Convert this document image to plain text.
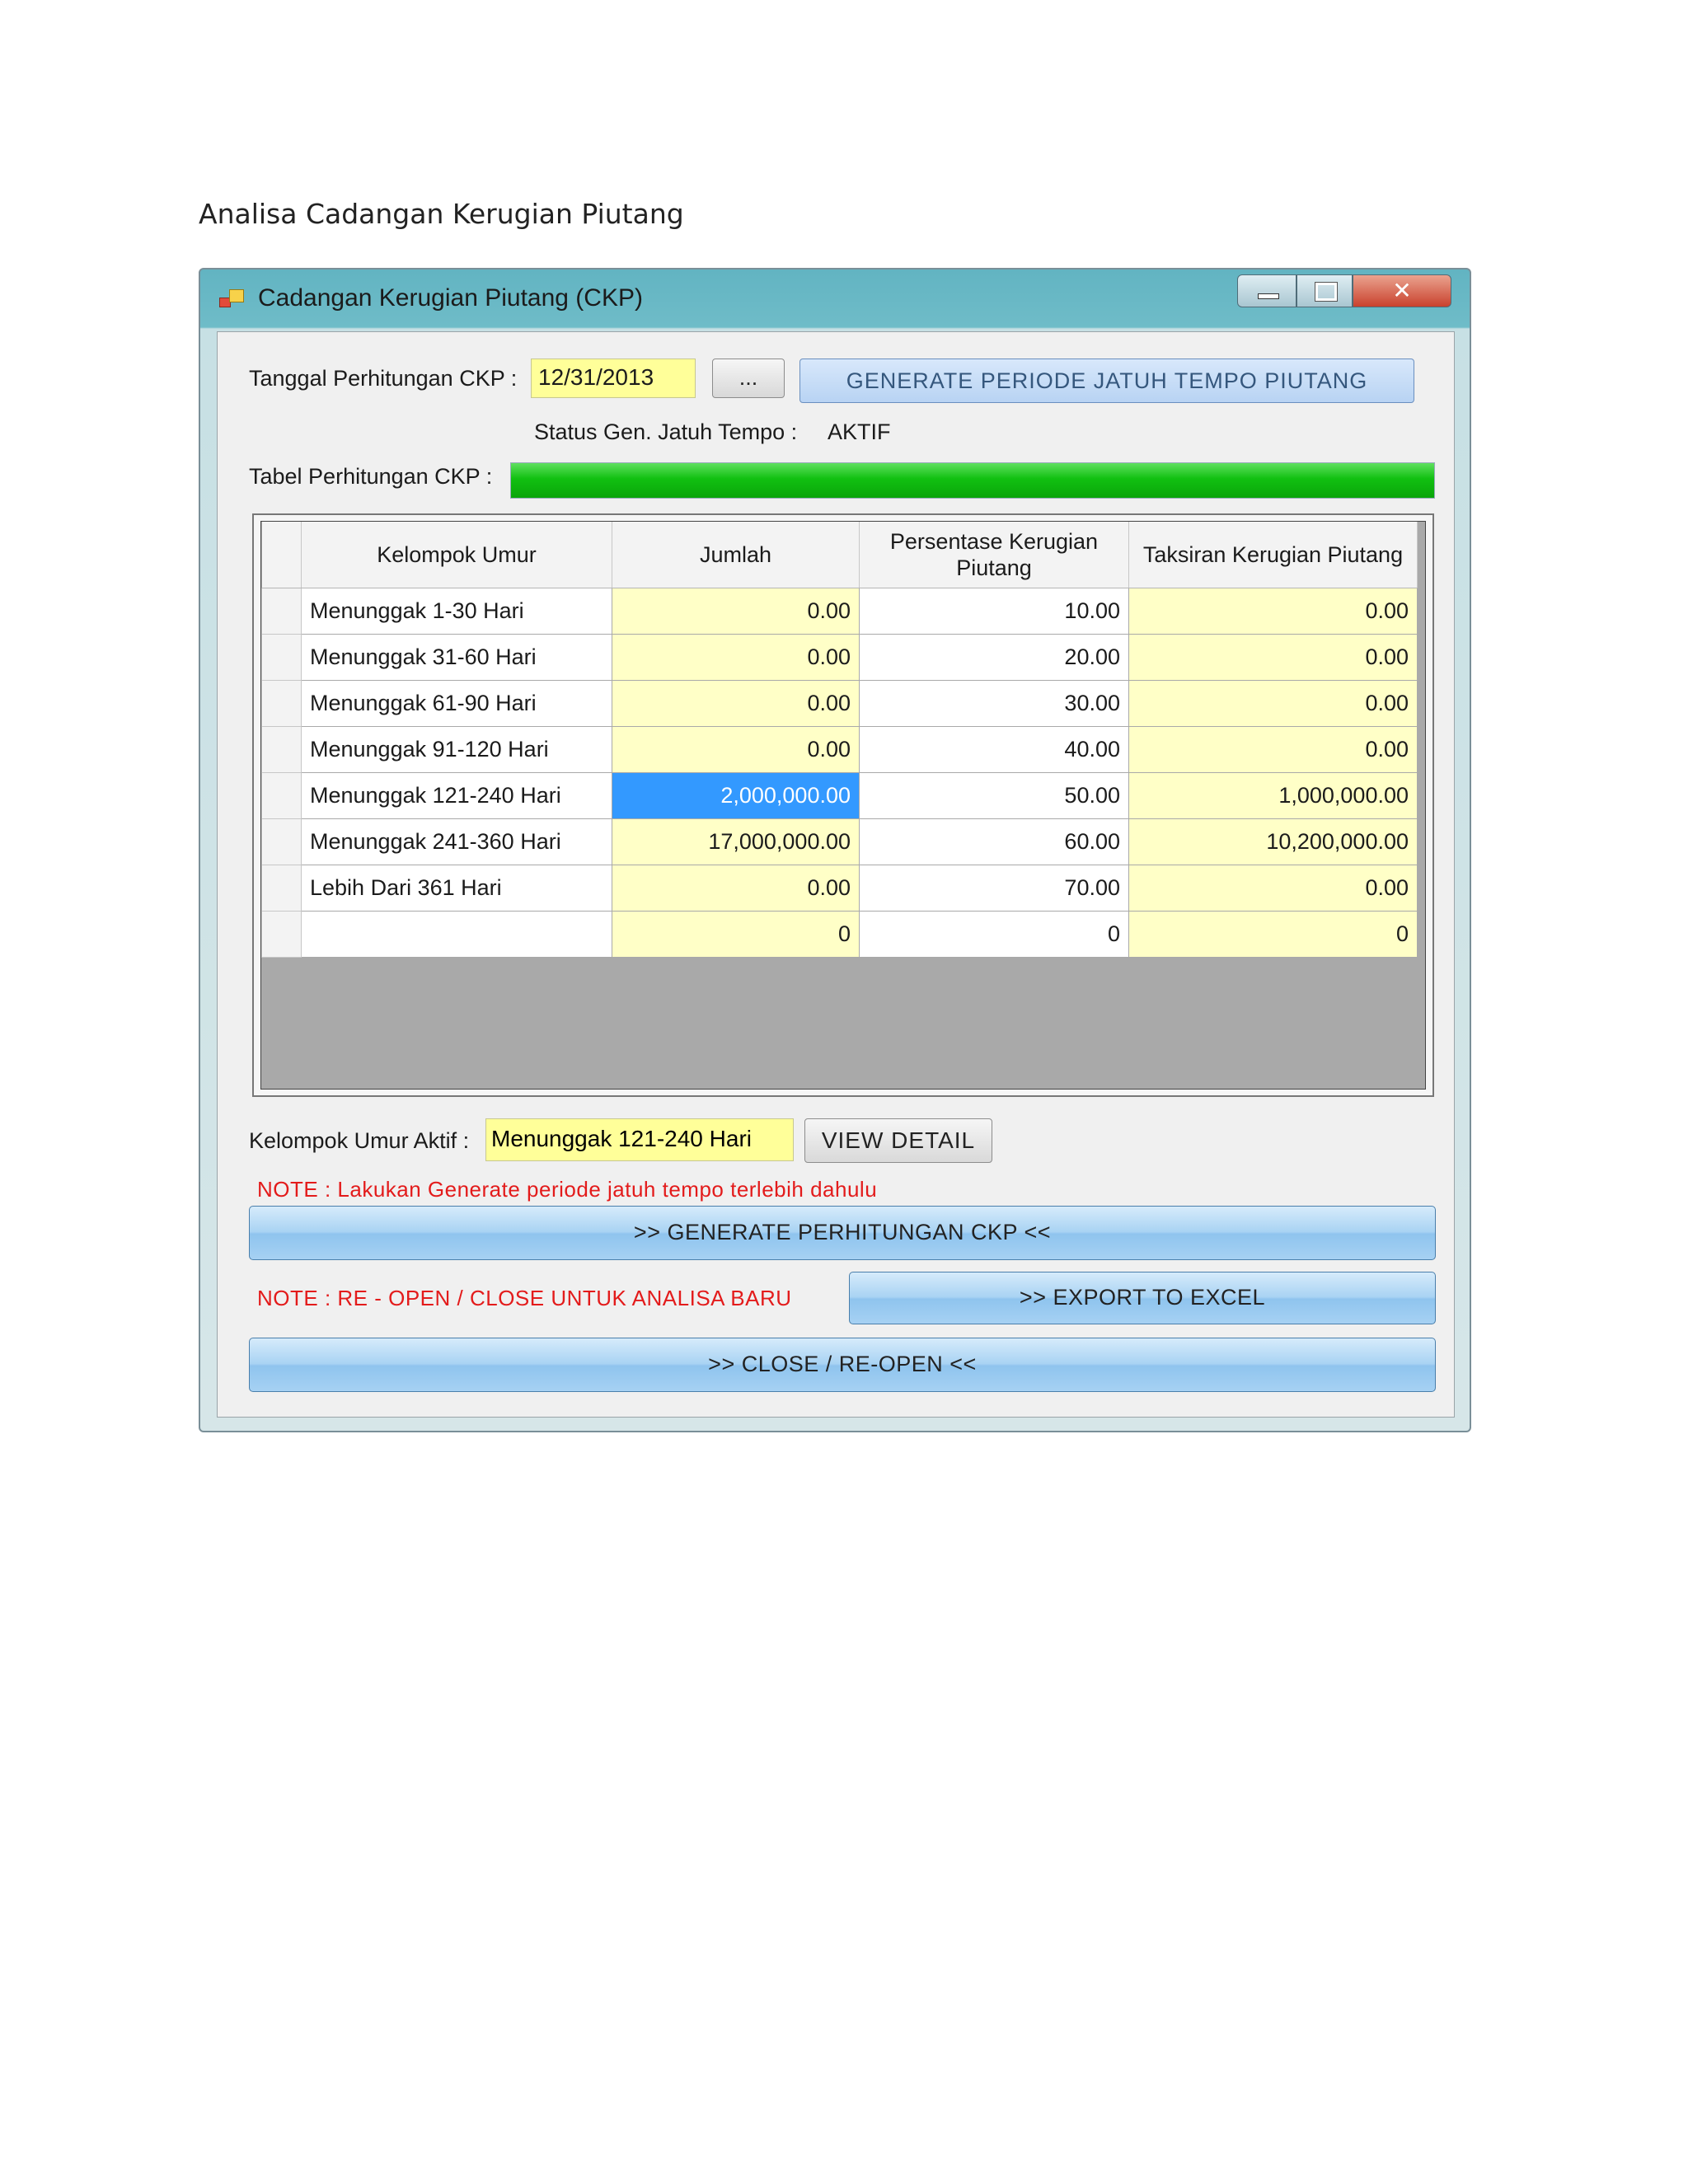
Analisa Cadangan Kerugian Piutang
Cadangan Kerugian Piutang (CKP)	✕
Tanggal Perhitungan CKP : 12/31/2013	...	GENERATE PERIODE JATUH TEMPO PIUTANG
Status Gen. Jatuh Tempo : AKTIF
Tabel Perhitungan CKP :
	Kelompok Umur	Jumlah	Persentase Kerugian Piutang	Taksiran Kerugian Piutang
	Menunggak 1-30 Hari	0.00	10.00	0.00
	Menunggak 31-60 Hari	0.00	20.00	0.00
	Menunggak 61-90 Hari	0.00	30.00	0.00
	Menunggak 91-120 Hari	0.00	40.00	0.00
	Menunggak 121-240 Hari	2,000,000.00	50.00	1,000,000.00
	Menunggak 241-360 Hari	17,000,000.00	60.00	10,200,000.00
	Lebih Dari 361 Hari	0.00	70.00	0.00
		0	0	0
Kelompok Umur Aktif : Menunggak 121-240 Hari	VIEW DETAIL
NOTE : Lakukan Generate periode jatuh tempo terlebih dahulu
>> GENERATE PERHITUNGAN CKP <<
NOTE : RE - OPEN / CLOSE UNTUK ANALISA BARU	>> EXPORT TO EXCEL
>> CLOSE / RE-OPEN <<
